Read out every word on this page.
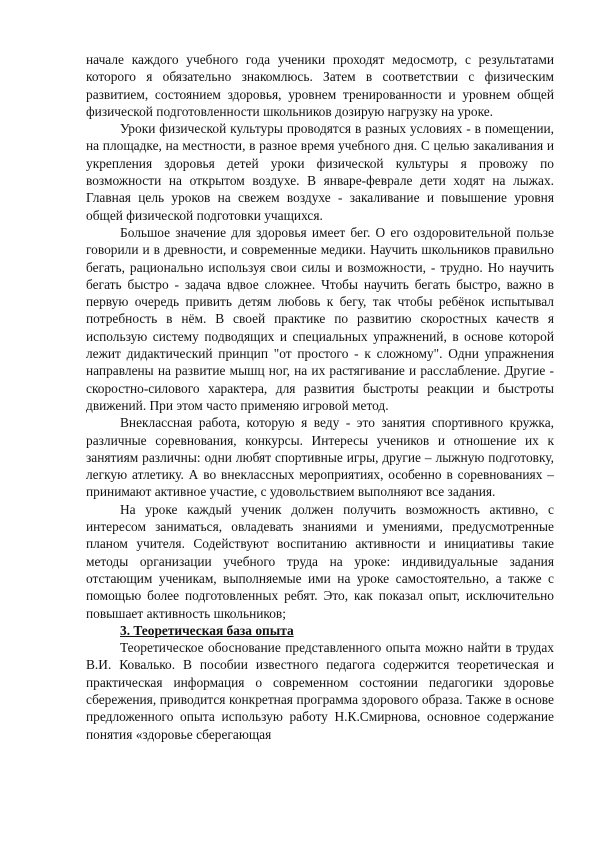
начале каждого учебного года ученики проходят медосмотр, с результатами которого я обязательно знакомлюсь. Затем в соответствии с физическим развитием, состоянием здоровья, уровнем тренированности и уровнем общей физической подготовленности школьников дозирую нагрузку на уроке.

Уроки физической культуры проводятся в разных условиях - в помещении, на площадке, на местности, в разное время учебного дня. С целью закаливания и укрепления здоровья детей уроки физической культуры я провожу по возможности на открытом воздухе. В январе-феврале дети ходят на лыжах. Главная цель уроков на свежем воздухе - закаливание и повышение уровня общей физической подготовки учащихся.

Большое значение для здоровья имеет бег. О его оздоровительной пользе говорили и в древности, и современные медики. Научить школьников правильно бегать, рационально используя свои силы и возможности, - трудно. Но научить бегать быстро - задача вдвое сложнее. Чтобы научить бегать быстро, важно в первую очередь привить детям любовь к бегу, так чтобы ребёнок испытывал потребность в нём. В своей практике по развитию скоростных качеств я использую систему подводящих и специальных упражнений, в основе которой лежит дидактический принцип "от простого - к сложному". Одни упражнения направлены на развитие мышц ног, на их растягивание и расслабление. Другие - скоростно-силового характера, для развития быстроты реакции и быстроты движений. При этом часто применяю игровой метод.

Внеклассная работа, которую я веду - это занятия спортивного кружка, различные соревнования, конкурсы. Интересы учеников и отношение их к занятиям различны: одни любят спортивные игры, другие – лыжную подготовку, легкую атлетику. А во внеклассных мероприятиях, особенно в соревнованиях – принимают активное участие, с удовольствием выполняют все задания.

На уроке каждый ученик должен получить возможность активно, с интересом заниматься, овладевать знаниями и умениями, предусмотренные планом учителя. Содействуют воспитанию активности и инициативы такие методы организации учебного труда на уроке: индивидуальные задания отстающим ученикам, выполняемые ими на уроке самостоятельно, а также с помощью более подготовленных ребят. Это, как показал опыт, исключительно повышает активность школьников;

3. Теоретическая база опыта

Теоретическое обоснование представленного опыта можно найти в трудах В.И. Ковалько. В пособии известного педагога содержится теоретическая и практическая информация о современном состоянии педагогики здоровье сбережения, приводится конкретная программа здорового образа. Также в основе предложенного опыта использую работу Н.К.Смирнова, основное содержание понятия «здоровье сберегающая
